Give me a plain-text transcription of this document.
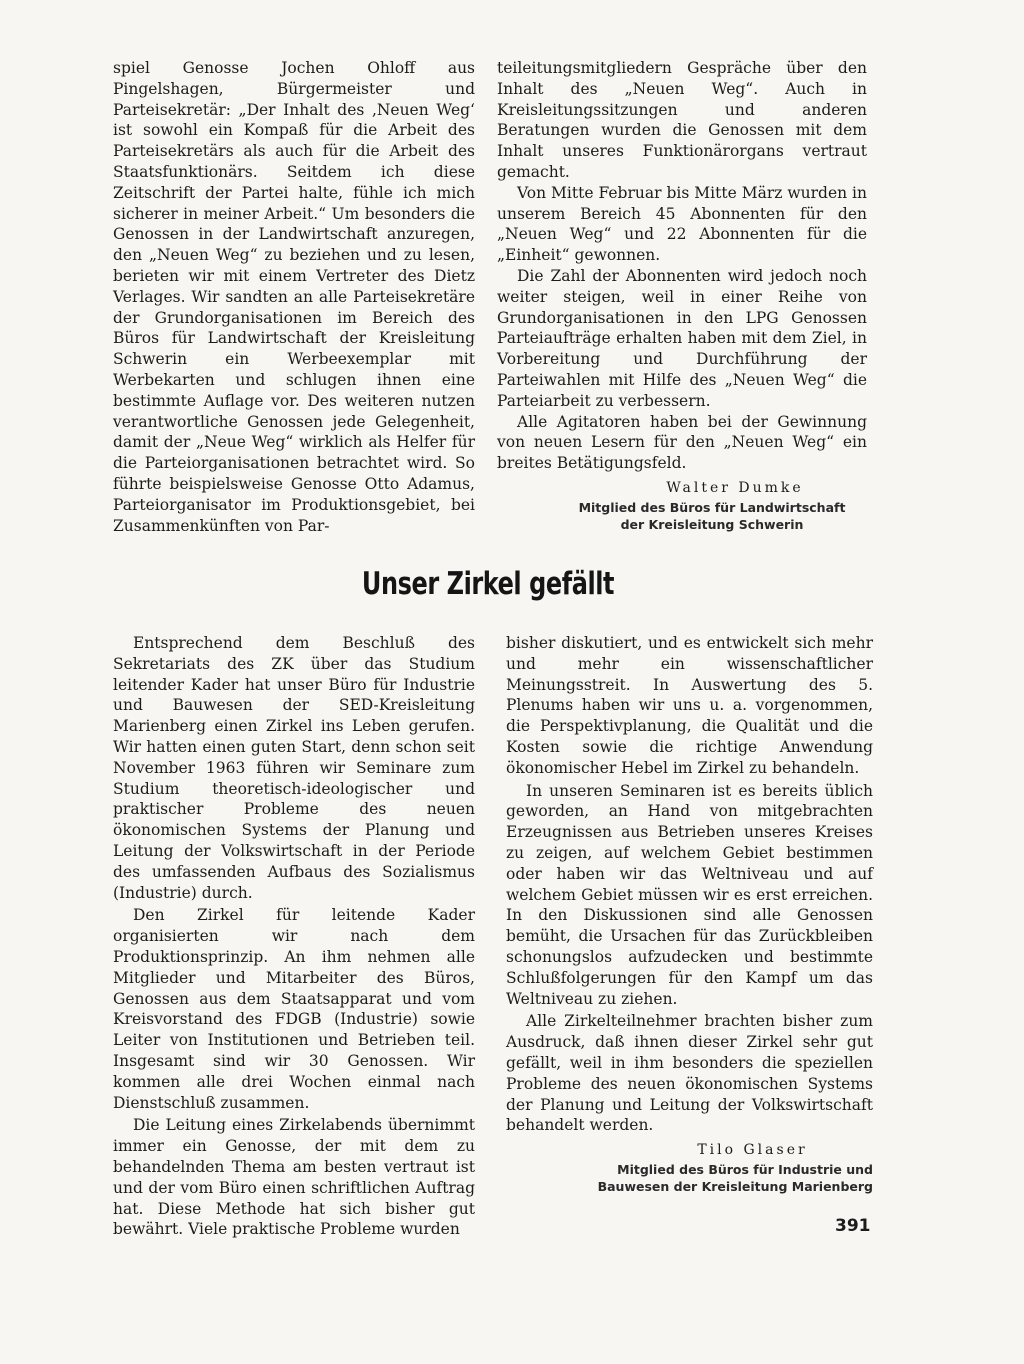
spiel Genosse Jochen Ohloff aus Pingelshagen, Bürgermeister und Parteisekretär: „Der Inhalt des ‚Neuen Weg‘ ist sowohl ein Kompaß für die Arbeit des Parteisekretärs als auch für die Arbeit des Staatsfunktionärs. Seitdem ich diese Zeitschrift der Partei halte, fühle ich mich sicherer in meiner Arbeit.“ Um besonders die Genossen in der Landwirtschaft anzuregen, den „Neuen Weg“ zu beziehen und zu lesen, berieten wir mit einem Vertreter des Dietz Verlages. Wir sandten an alle Parteisekretäre der Grundorganisationen im Bereich des Büros für Landwirtschaft der Kreisleitung Schwerin ein Werbeexemplar mit Werbekarten und schlugen ihnen eine bestimmte Auflage vor. Des weiteren nutzen verantwortliche Genossen jede Gelegenheit, damit der „Neue Weg“ wirklich als Helfer für die Parteiorganisationen betrachtet wird. So führte beispielsweise Genosse Otto Adamus, Parteiorganisator im Produktionsgebiet, bei Zusammenkünften von Par-

teileitungsmitgliedern Gespräche über den Inhalt des „Neuen Weg“. Auch in Kreisleitungssitzungen und anderen Beratungen wurden die Genossen mit dem Inhalt unseres Funktionärorgans vertraut gemacht.

Von Mitte Februar bis Mitte März wurden in unserem Bereich 45 Abonnenten für den „Neuen Weg“ und 22 Abonnenten für die „Einheit“ gewonnen.

Die Zahl der Abonnenten wird jedoch noch weiter steigen, weil in einer Reihe von Grundorganisationen in den LPG Genossen Parteiaufträge erhalten haben mit dem Ziel, in Vorbereitung und Durchführung der Parteiwahlen mit Hilfe des „Neuen Weg“ die Parteiarbeit zu verbessern.

Alle Agitatoren haben bei der Gewinnung von neuen Lesern für den „Neuen Weg“ ein breites Betätigungsfeld.

Walter Dumke

Mitglied des Büros für Landwirtschaft

der Kreisleitung Schwerin

Unser Zirkel gefällt

Entsprechend dem Beschluß des Sekretariats des ZK über das Studium leitender Kader hat unser Büro für Industrie und Bauwesen der SED-Kreisleitung Marienberg einen Zirkel ins Leben gerufen. Wir hatten einen guten Start, denn schon seit November 1963 führen wir Seminare zum Studium theoretisch-ideologischer und praktischer Probleme des neuen ökonomischen Systems der Planung und Leitung der Volkswirtschaft in der Periode des umfassenden Aufbaus des Sozialismus (Industrie) durch.

Den Zirkel für leitende Kader organisierten wir nach dem Produktionsprinzip. An ihm nehmen alle Mitglieder und Mitarbeiter des Büros, Genossen aus dem Staatsapparat und vom Kreisvorstand des FDGB (Industrie) sowie Leiter von Institutionen und Betrieben teil. Insgesamt sind wir 30 Genossen. Wir kommen alle drei Wochen einmal nach Dienstschluß zusammen.

Die Leitung eines Zirkelabends übernimmt immer ein Genosse, der mit dem zu behandelnden Thema am besten vertraut ist und der vom Büro einen schriftlichen Auftrag hat. Diese Methode hat sich bisher gut bewährt. Viele praktische Probleme wurden

bisher diskutiert, und es entwickelt sich mehr und mehr ein wissenschaftlicher Meinungsstreit. In Auswertung des 5. Plenums haben wir uns u. a. vorgenommen, die Perspektivplanung, die Qualität und die Kosten sowie die richtige Anwendung ökonomischer Hebel im Zirkel zu behandeln.

In unseren Seminaren ist es bereits üblich geworden, an Hand von mitgebrachten Erzeugnissen aus Betrieben unseres Kreises zu zeigen, auf welchem Gebiet bestimmen oder haben wir das Weltniveau und auf welchem Gebiet müssen wir es erst erreichen. In den Diskussionen sind alle Genossen bemüht, die Ursachen für das Zurückbleiben schonungslos aufzudecken und bestimmte Schlußfolgerungen für den Kampf um das Weltniveau zu ziehen.

Alle Zirkelteilnehmer brachten bisher zum Ausdruck, daß ihnen dieser Zirkel sehr gut gefällt, weil in ihm besonders die speziellen Probleme des neuen ökonomischen Systems der Planung und Leitung der Volkswirtschaft behandelt werden.

Tilo Glaser

Mitglied des Büros für Industrie und

Bauwesen der Kreisleitung Marienberg

391
